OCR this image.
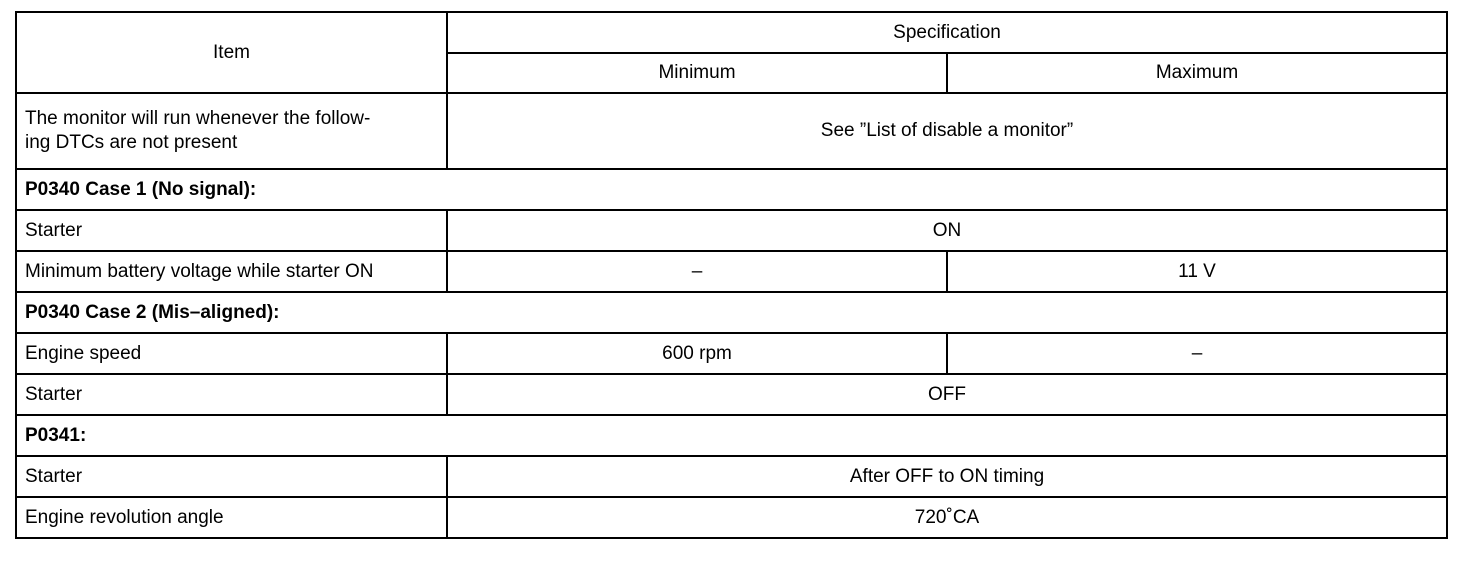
Item	Specification	
	Minimum	Maximum
The monitor will run whenever the follow-
ing DTCs are not present	See ”List of disable a monitor”	
P0340 Case 1 (No signal):		
Starter	ON	
Minimum battery voltage while starter ON	–	11 V
P0340 Case 2 (Mis–aligned):		
Engine speed	600 rpm	–
Starter	OFF	
P0341:		
Starter	After OFF to ON timing	
Engine revolution angle	720˚CA	
